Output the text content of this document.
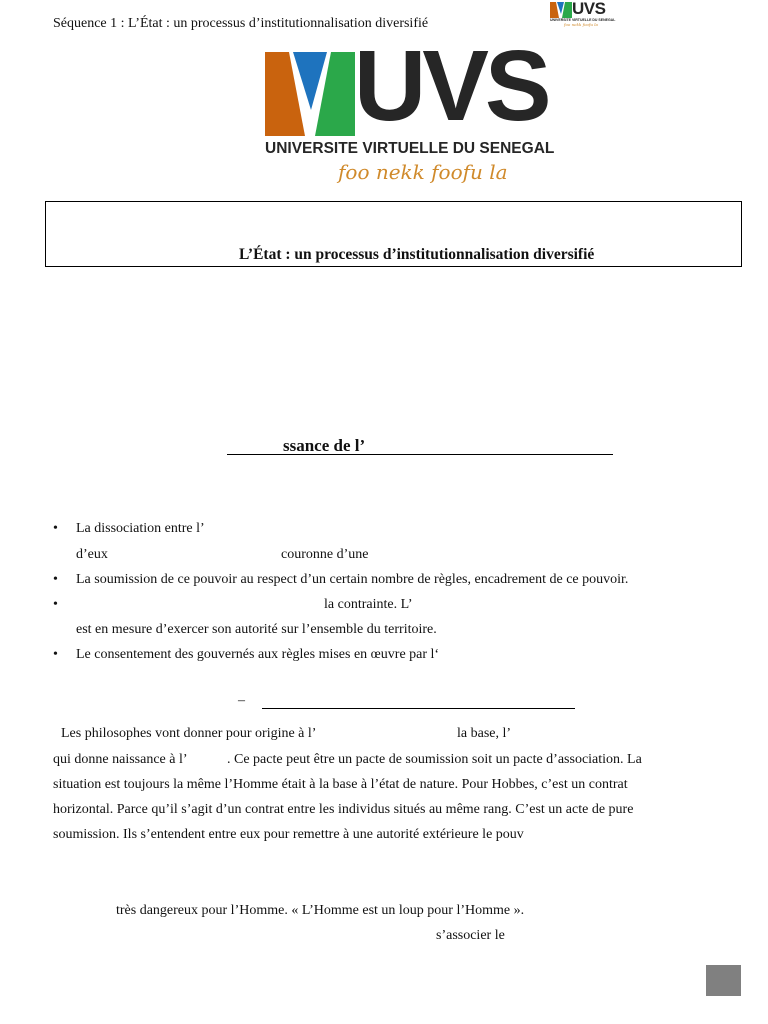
Séquence 1 : L’État : un processus d’institutionnalisation diversifié
UVS
UNIVERSITE VIRTUELLE DU SENEGAL
foo nekk foofu la
UVS
UNIVERSITE VIRTUELLE DU SENEGAL
foo nekk foofu la
L’État : un processus d’institutionnalisation diversifié
ssance de l’
• La dissociation entre l’
d’eux	couronne d’une
• La soumission de ce pouvoir au respect d’un certain nombre de règles, encadrement de ce pouvoir.
•	la contrainte. L’
est en mesure d’exercer son autorité sur l’ensemble du territoire.
• Le consentement des gouvernés aux règles mises en œuvre par l‘
–
Les philosophes vont donner pour origine à l’	la base, l’
qui donne naissance à l’	. Ce pacte peut être un pacte de soumission soit un pacte d’association. La
situation est toujours la même l’Homme était à la base à l’état de nature. Pour Hobbes, c’est un contrat
horizontal. Parce qu’il s’agit d’un contrat entre les individus situés au même rang. C’est un acte de pure
soumission. Ils s’entendent entre eux pour remettre à une autorité extérieure le pouv
très dangereux pour l’Homme. « L’Homme est un loup pour l’Homme ».
s’associer le
